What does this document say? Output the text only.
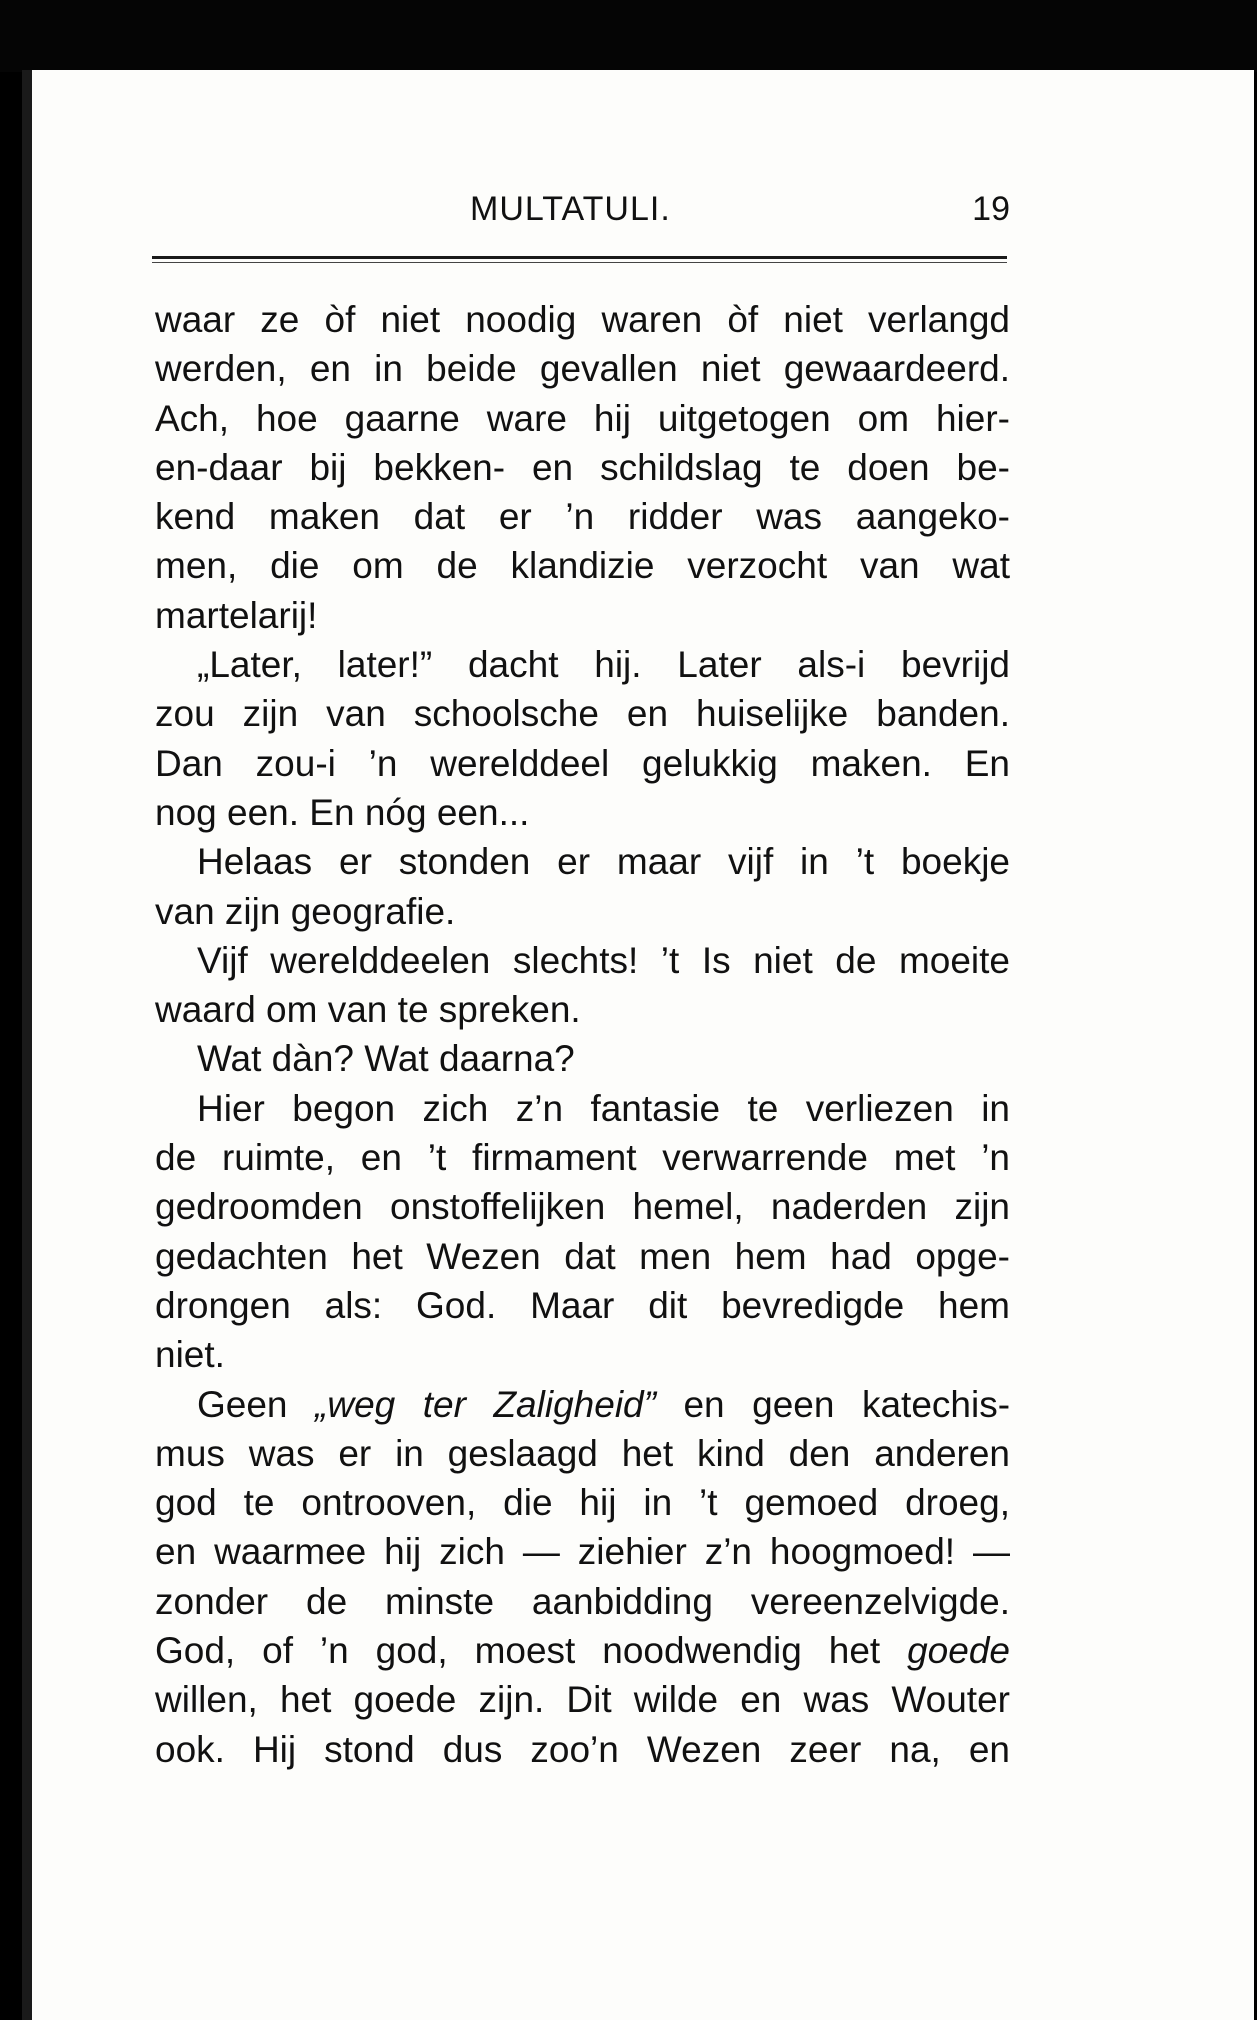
MULTATULI.	19
waar ze òf niet noodig waren òf niet verlangd
werden, en in beide gevallen niet gewaardeerd.
Ach, hoe gaarne ware hij uitgetogen om hier-
en-daar bij bekken- en schildslag te doen be-
kend maken dat er ’n ridder was aangeko-
men, die om de klandizie verzocht van wat
martelarij!
„Later, later!” dacht hij. Later als-i bevrijd
zou zijn van schoolsche en huiselijke banden.
Dan zou-i ’n werelddeel gelukkig maken. En
nog een. En nóg een...
Helaas er stonden er maar vijf in ’t boekje
van zijn geografie.
Vijf werelddeelen slechts! ’t Is niet de moeite
waard om van te spreken.
Wat dàn? Wat daarna?
Hier begon zich z’n fantasie te verliezen in
de ruimte, en ’t firmament verwarrende met ’n
gedroomden onstoffelijken hemel, naderden zijn
gedachten het Wezen dat men hem had opge-
drongen als: God. Maar dit bevredigde hem
niet.
Geen „weg ter Zaligheid” en geen katechis-
mus was er in geslaagd het kind den anderen
god te ontrooven, die hij in ’t gemoed droeg,
en waarmee hij zich — ziehier z’n hoogmoed! —
zonder de minste aanbidding vereenzelvigde.
God, of ’n god, moest noodwendig het goede
willen, het goede zijn. Dit wilde en was Wouter
ook. Hij stond dus zoo’n Wezen zeer na, en
